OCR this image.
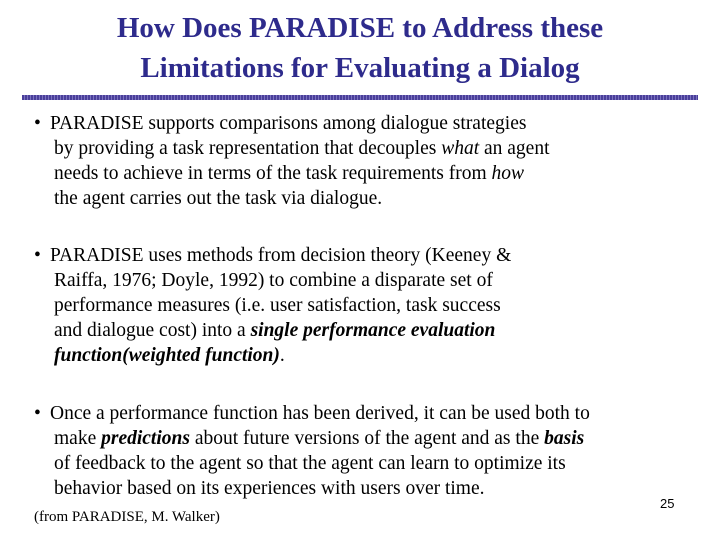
How Does PARADISE to Address these
Limitations for Evaluating a Dialog
• PARADISE supports comparisons among dialogue strategies
by providing a task representation that decouples what an agent
needs to achieve in terms of the task requirements from how
the agent carries out the task via dialogue.
• PARADISE uses methods from decision theory (Keeney &
Raiffa, 1976; Doyle, 1992) to combine a disparate set of
performance measures (i.e. user satisfaction, task success
and dialogue cost) into a single performance evaluation
function(weighted function).
• Once a performance function has been derived, it can be used both to
make predictions about future versions of the agent and as the basis
of feedback to the agent so that the agent can learn to optimize its
behavior based on its experiences with users over time.
(from PARADISE, M. Walker)
25
